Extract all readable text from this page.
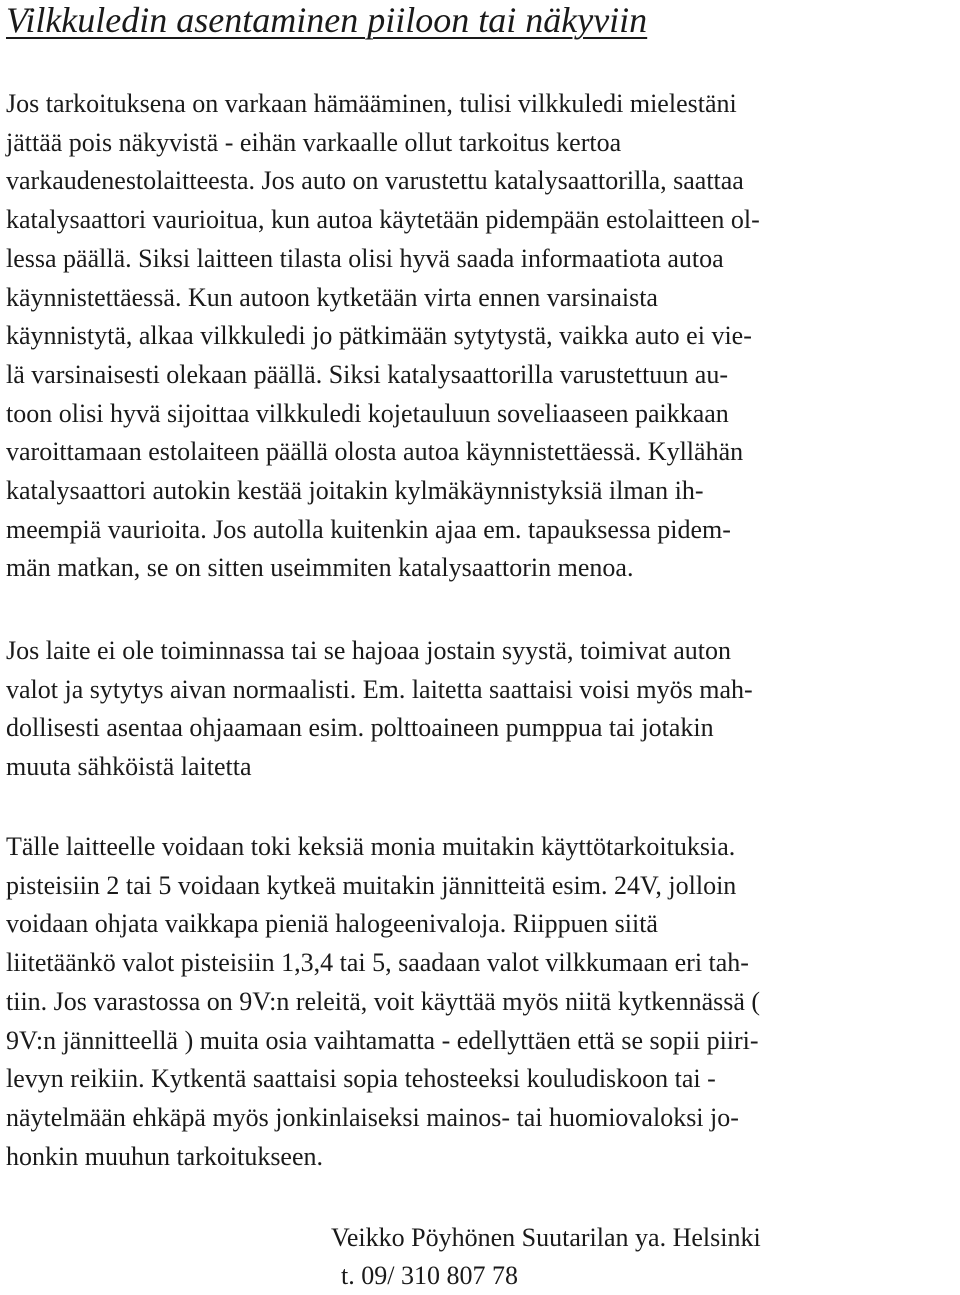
Vilkkuledin asentaminen piiloon tai näkyviin

Jos tarkoituksena on varkaan hämääminen, tulisi vilkkuledi mielestäni
jättää pois näkyvistä - eihän varkaalle ollut tarkoitus kertoa
varkaudenestolaitteesta. Jos auto on varustettu katalysaattorilla, saattaa
katalysaattori vaurioitua, kun autoa käytetään pidempään estolaitteen ol-
lessa päällä. Siksi laitteen tilasta olisi hyvä saada informaatiota autoa
käynnistettäessä. Kun autoon kytketään virta ennen varsinaista
käynnistytä, alkaa vilkkuledi jo pätkimään sytytystä, vaikka auto ei vie-
lä varsinaisesti olekaan päällä. Siksi katalysaattorilla varustettuun au-
toon olisi hyvä sijoittaa vilkkuledi kojetauluun soveliaaseen paikkaan
varoittamaan estolaiteen päällä olosta autoa käynnistettäessä. Kyllähän
katalysaattori autokin kestää joitakin kylmäkäynnistyksiä ilman ih-
meempiä vaurioita. Jos autolla kuitenkin ajaa em. tapauksessa pidem-
män matkan, se on sitten useimmiten katalysaattorin menoa.

Jos laite ei ole toiminnassa tai se hajoaa jostain syystä, toimivat auton
valot ja sytytys aivan normaalisti. Em. laitetta saattaisi voisi myös mah-
dollisesti asentaa ohjaamaan esim. polttoaineen pumppua tai jotakin
muuta sähköistä laitetta

Tälle laitteelle voidaan toki keksiä monia muitakin käyttötarkoituksia.
pisteisiin 2 tai 5 voidaan kytkeä muitakin jännitteitä esim. 24V, jolloin
voidaan ohjata vaikkapa pieniä halogeenivaloja. Riippuen siitä
liitetäänkö valot pisteisiin 1,3,4 tai 5, saadaan valot vilkkumaan eri tah-
tiin. Jos varastossa on 9V:n releitä, voit käyttää myös niitä kytkennässä (
9V:n jännitteellä ) muita osia vaihtamatta - edellyttäen että se sopii piiri-
levyn reikiin. Kytkentä saattaisi sopia tehosteeksi kouludiskoon tai -
näytelmään ehkäpä myös jonkinlaiseksi mainos- tai huomiovaloksi jo-
honkin muuhun tarkoitukseen.

Veikko Pöyhönen Suutarilan ya. Helsinki
t. 09/ 310 807 78
